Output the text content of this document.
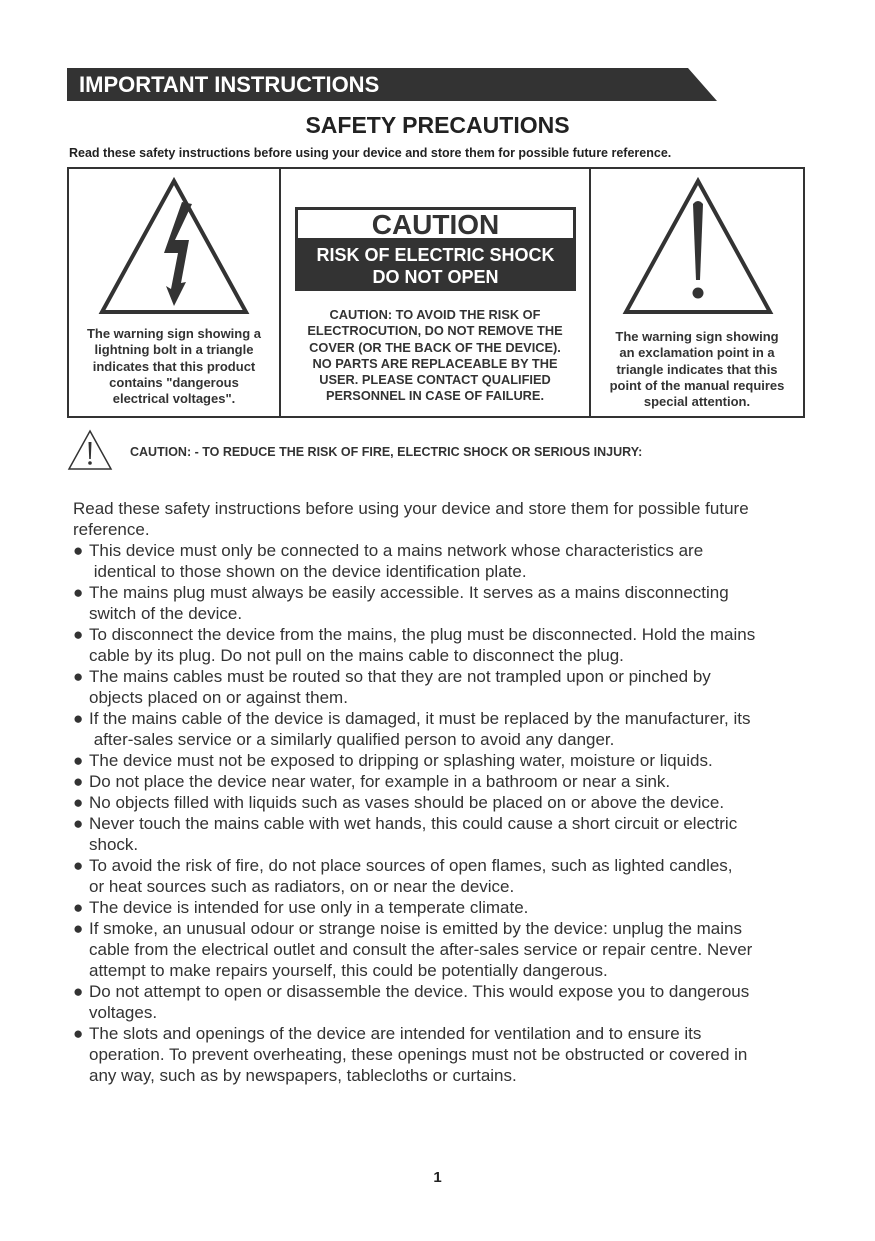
IMPORTANT INSTRUCTIONS
SAFETY PRECAUTIONS
Read these safety instructions before using your device and store them for possible future reference.
The warning sign showing a
lightning bolt in a triangle
indicates that this product
contains "dangerous
electrical voltages".
CAUTION
RISK OF ELECTRIC SHOCK
DO NOT OPEN
CAUTION: TO AVOID THE RISK OF
ELECTROCUTION, DO NOT REMOVE THE
COVER (OR THE BACK OF THE DEVICE).
NO PARTS ARE REPLACEABLE BY THE
USER. PLEASE CONTACT QUALIFIED
PERSONNEL IN CASE OF FAILURE.
The warning sign showing
an exclamation point in a
triangle indicates that this
point of the manual requires
special attention.
CAUTION: - TO REDUCE THE RISK OF FIRE, ELECTRIC SHOCK OR SERIOUS INJURY:

Read these safety instructions before using your device and store them for possible future
reference.

● This device must only be connected to a mains network whose characteristics are
identical to those shown on the device identification plate.
● The mains plug must always be easily accessible. It serves as a mains disconnecting
switch of the device.
● To disconnect the device from the mains, the plug must be disconnected. Hold the mains
cable by its plug. Do not pull on the mains cable to disconnect the plug.
● The mains cables must be routed so that they are not trampled upon or pinched by
objects placed on or against them.
● If the mains cable of the device is damaged, it must be replaced by the manufacturer, its
after-sales service or a similarly qualified person to avoid any danger.
● The device must not be exposed to dripping or splashing water, moisture or liquids.
● Do not place the device near water, for example in a bathroom or near a sink.
● No objects filled with liquids such as vases should be placed on or above the device.
● Never touch the mains cable with wet hands, this could cause a short circuit or electric
shock.
● To avoid the risk of fire, do not place sources of open flames, such as lighted candles,
or heat sources such as radiators, on or near the device.
● The device is intended for use only in a temperate climate.
● If smoke, an unusual odour or strange noise is emitted by the device: unplug the mains
cable from the electrical outlet and consult the after-sales service or repair centre. Never
attempt to make repairs yourself, this could be potentially dangerous.
● Do not attempt to open or disassemble the device. This would expose you to dangerous
voltages.
● The slots and openings of the device are intended for ventilation and to ensure its
operation. To prevent overheating, these openings must not be obstructed or covered in
any way, such as by newspapers, tablecloths or curtains.
1
